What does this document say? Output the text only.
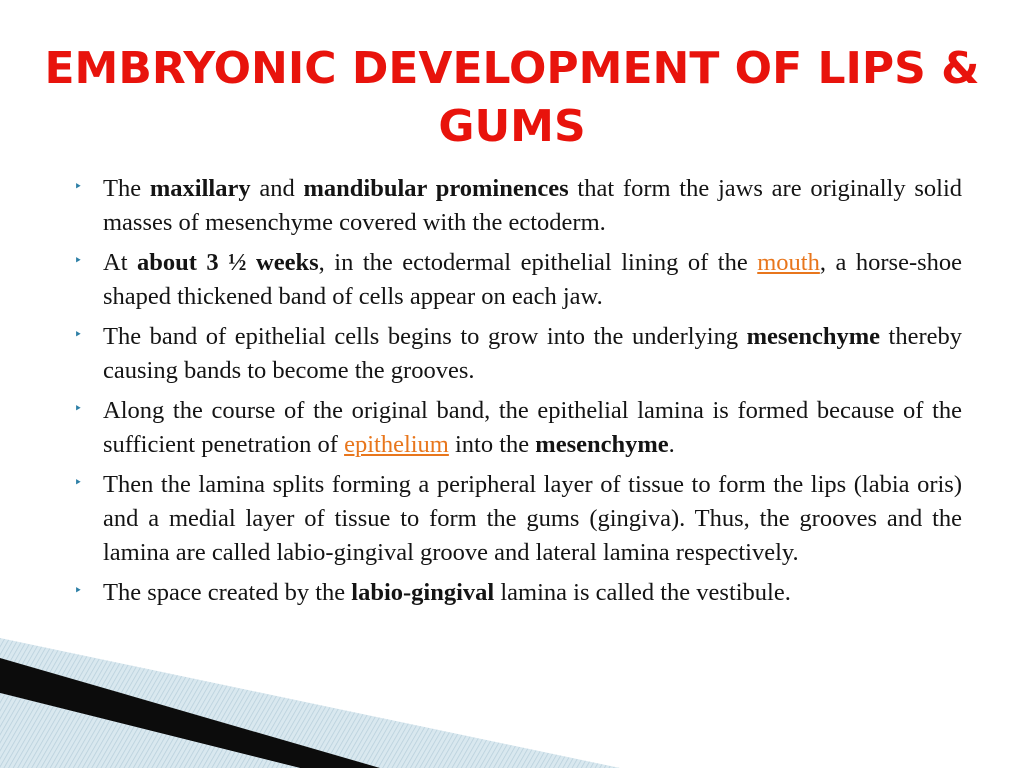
EMBRYONIC DEVELOPMENT OF LIPS & GUMS
‣ The maxillary and mandibular prominences that form the jaws are originally solid masses of mesenchyme covered with the ectoderm.
‣ At about 3 ½ weeks, in the ectodermal epithelial lining of the mouth, a horse-shoe shaped thickened band of cells appear on each jaw.
‣ The band of epithelial cells begins to grow into the underlying mesenchyme thereby causing bands to become the grooves.
‣ Along the course of the original band, the epithelial lamina is formed because of the sufficient penetration of epithelium into the mesenchyme.
‣ Then the lamina splits forming a peripheral layer of tissue to form the lips (labia oris) and a medial layer of tissue to form the gums (gingiva). Thus, the grooves and the lamina are called labio-gingival groove and lateral lamina respectively.
‣ The space created by the labio-gingival lamina is called the vestibule.
